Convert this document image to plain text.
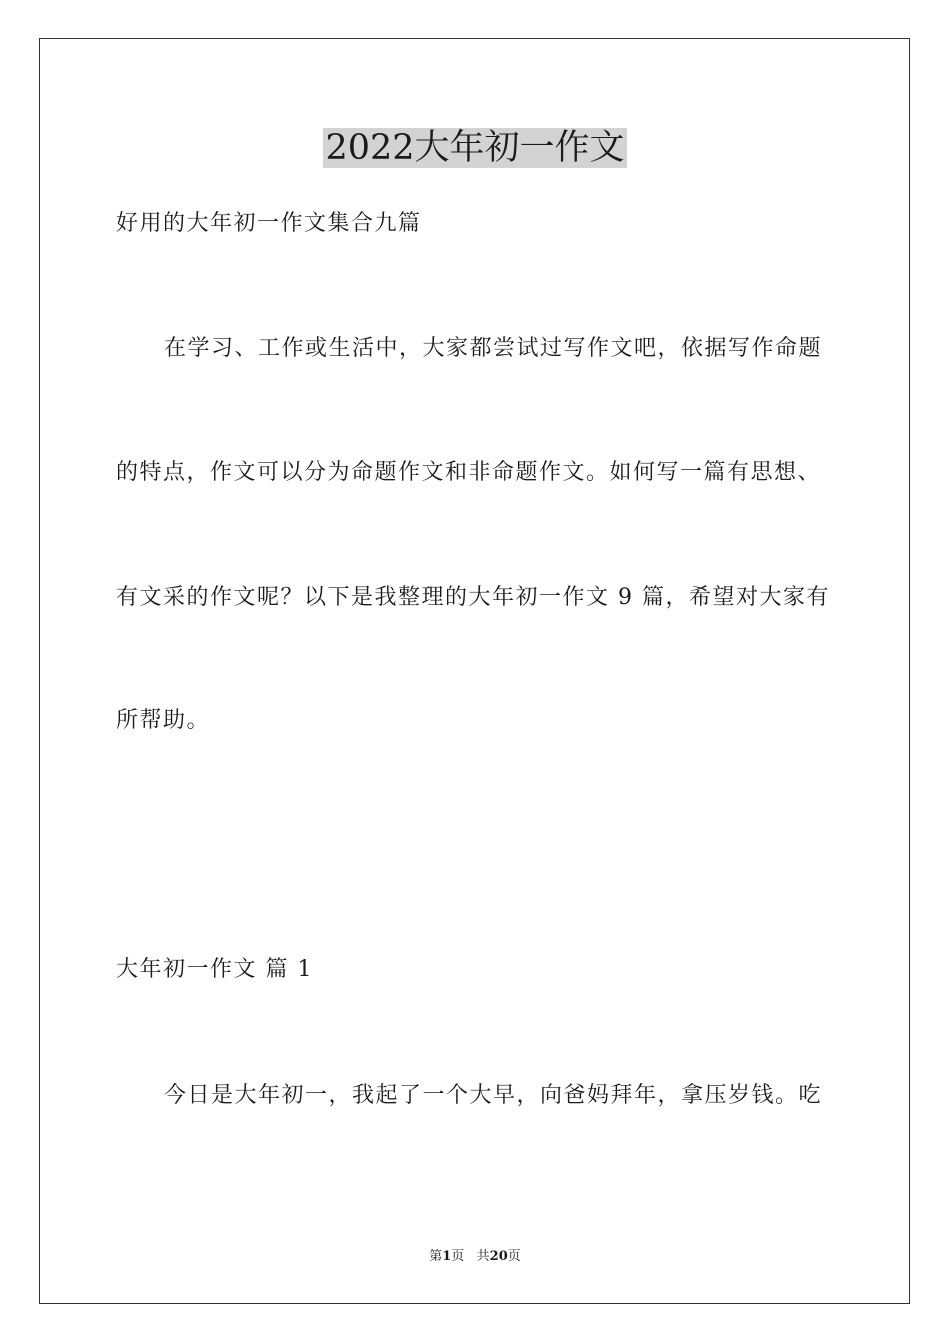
2022大年初一作文
好用的大年初一作文集合九篇
在学习、工作或生活中，大家都尝试过写作文吧，依据写作命题
的特点，作文可以分为命题作文和非命题作文。如何写一篇有思想、
有文采的作文呢？以下是我整理的大年初一作文 9 篇，希望对大家有
所帮助。
大年初一作文 篇 1
今日是大年初一，我起了一个大早，向爸妈拜年，拿压岁钱。吃
第1页   共20页
